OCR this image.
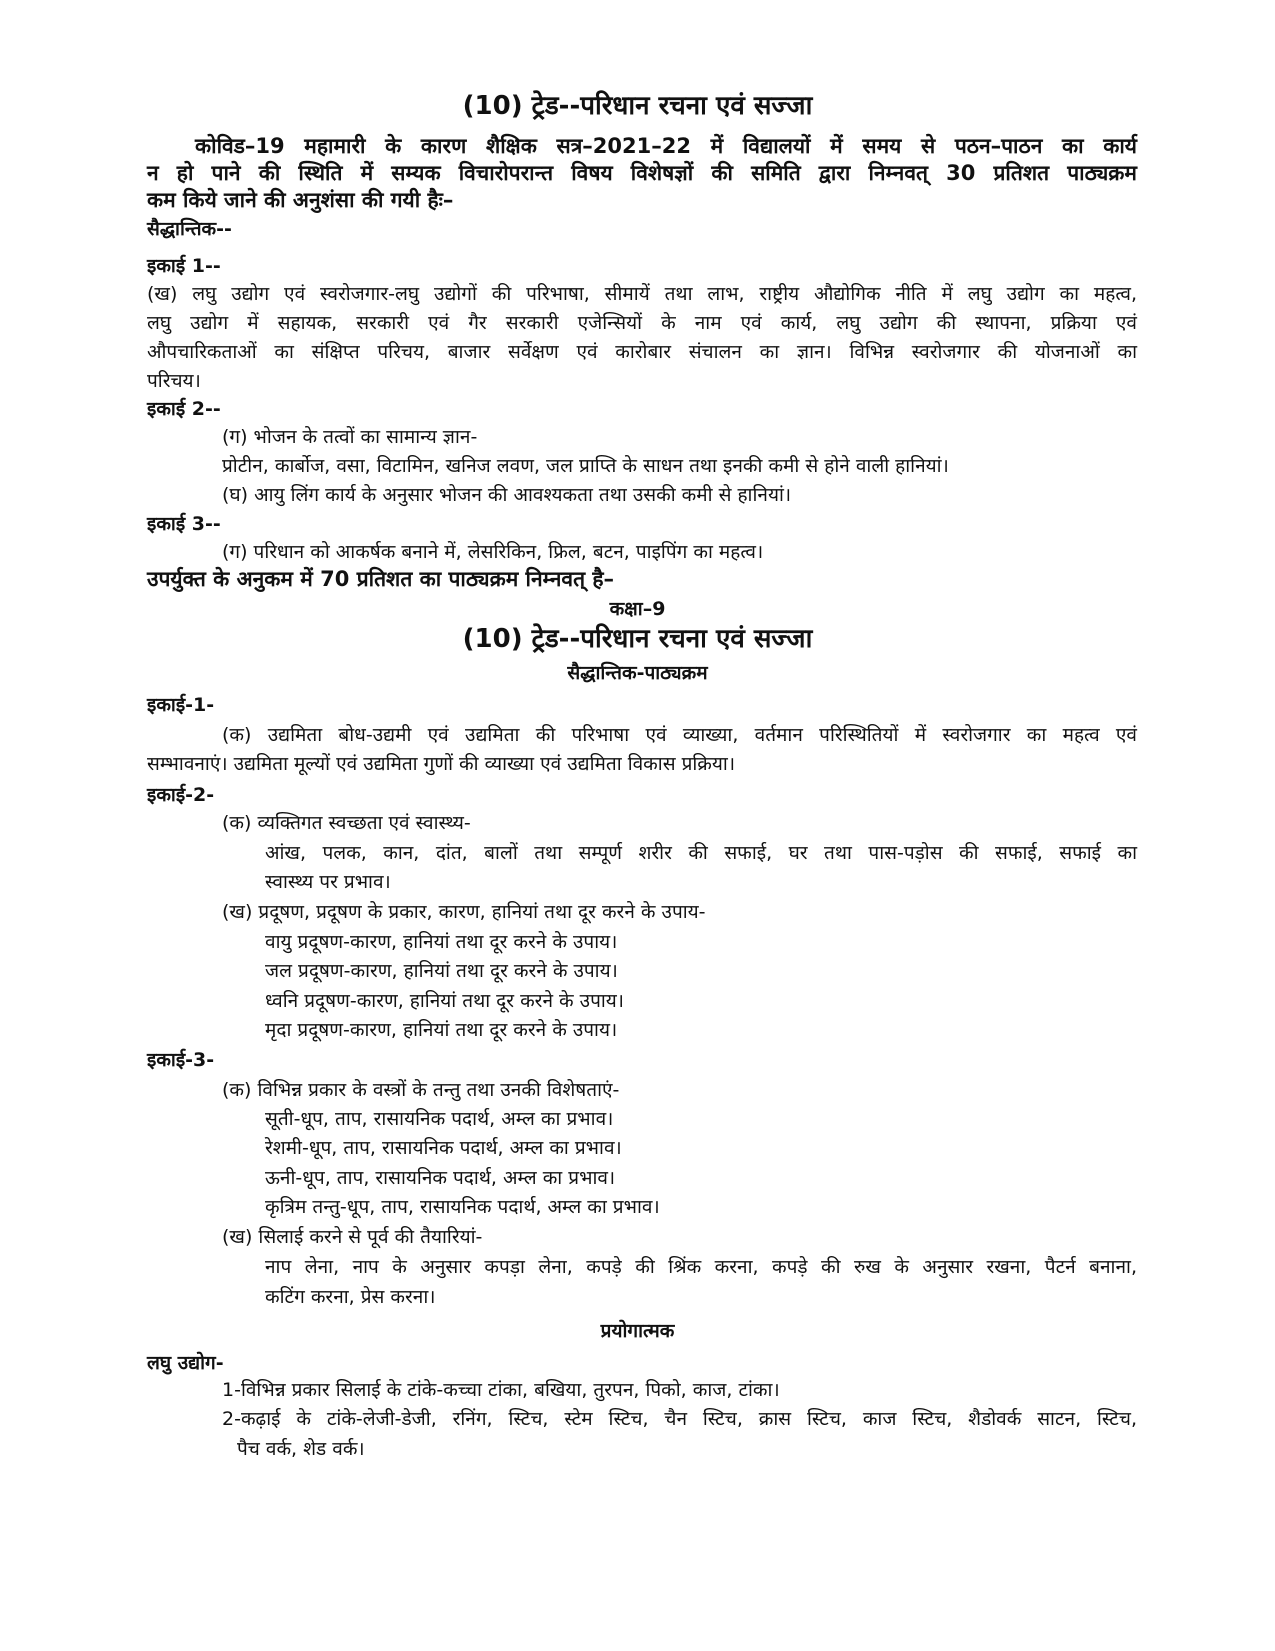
(10) ट्रेड--परिधान रचना एवं सज्जा
कोविड–19 महामारी के कारण शैक्षिक सत्र–2021–22 में विद्यालयों में समय से पठन–पाठन का कार्य
न हो पाने की स्थिति में सम्यक विचारोपरान्त विषय विशेषज्ञों की समिति द्वारा निम्नवत् 30 प्रतिशत पाठ्यक्रम
कम किये जाने की अनुशंसा की गयी हैः–
सैद्धान्तिक--
इकाई 1--
(ख) लघु उद्योग एवं स्वरोजगार-लघु उद्योगों की परिभाषा, सीमायें तथा लाभ, राष्ट्रीय औद्योगिक नीति में लघु उद्योग का महत्व,
लघु उद्योग में सहायक, सरकारी एवं गैर सरकारी एजेन्सियों के नाम एवं कार्य, लघु उद्योग की स्थापना, प्रक्रिया एवं
औपचारिकताओं का संक्षिप्त परिचय, बाजार सर्वेक्षण एवं कारोबार संचालन का ज्ञान। विभिन्न स्वरोजगार की योजनाओं का
परिचय।
इकाई 2--
(ग) भोजन के तत्वों का सामान्य ज्ञान-
प्रोटीन, कार्बोज, वसा, विटामिन, खनिज लवण, जल प्राप्ति के साधन तथा इनकी कमी से होने वाली हानियां।
(घ) आयु लिंग कार्य के अनुसार भोजन की आवश्यकता तथा उसकी कमी से हानियां।
इकाई 3--
(ग) परिधान को आकर्षक बनाने में, लेसरिकिन, फ्रिल, बटन, पाइपिंग का महत्व।
उपर्युक्त के अनुकम में 70 प्रतिशत का पाठ्यक्रम निम्नवत् है–
कक्षा–9
(10) ट्रेड--परिधान रचना एवं सज्जा
सैद्धान्तिक-पाठ्यक्रम
इकाई-1-
(क) उद्यमिता बोध-उद्यमी एवं उद्यमिता की परिभाषा एवं व्याख्या, वर्तमान परिस्थितियों में स्वरोजगार का महत्व एवं
सम्भावनाएं। उद्यमिता मूल्यों एवं उद्यमिता गुणों की व्याख्या एवं उद्यमिता विकास प्रक्रिया।
इकाई-2-
(क) व्यक्तिगत स्वच्छता एवं स्वास्थ्य-
आंख, पलक, कान, दांत, बालों तथा सम्पूर्ण शरीर की सफाई, घर तथा पास-पड़ोस की सफाई, सफाई का
स्वास्थ्य पर प्रभाव।
(ख) प्रदूषण, प्रदूषण के प्रकार, कारण, हानियां तथा दूर करने के उपाय-
वायु प्रदूषण-कारण, हानियां तथा दूर करने के उपाय।
जल प्रदूषण-कारण, हानियां तथा दूर करने के उपाय।
ध्वनि प्रदूषण-कारण, हानियां तथा दूर करने के उपाय।
मृदा प्रदूषण-कारण, हानियां तथा दूर करने के उपाय।
इकाई-3-
(क) विभिन्न प्रकार के वस्त्रों के तन्तु तथा उनकी विशेषताएं-
सूती-धूप, ताप, रासायनिक पदार्थ, अम्ल का प्रभाव।
रेशमी-धूप, ताप, रासायनिक पदार्थ, अम्ल का प्रभाव।
ऊनी-धूप, ताप, रासायनिक पदार्थ, अम्ल का प्रभाव।
कृत्रिम तन्तु-धूप, ताप, रासायनिक पदार्थ, अम्ल का प्रभाव।
(ख) सिलाई करने से पूर्व की तैयारियां-
नाप लेना, नाप के अनुसार कपड़ा लेना, कपड़े की श्रिंक करना, कपड़े की रुख के अनुसार रखना, पैटर्न बनाना,
कटिंग करना, प्रेस करना।
प्रयोगात्मक
लघु उद्योग-
1-विभिन्न प्रकार सिलाई के टांके-कच्चा टांका, बखिया, तुरपन, पिको, काज, टांका।
2-कढ़ाई के टांके-लेजी-डेजी, रनिंग, स्टिच, स्टेम स्टिच, चैन स्टिच, क्रास स्टिच, काज स्टिच, शैडोवर्क साटन, स्टिच,
पैच वर्क, शेड वर्क।
